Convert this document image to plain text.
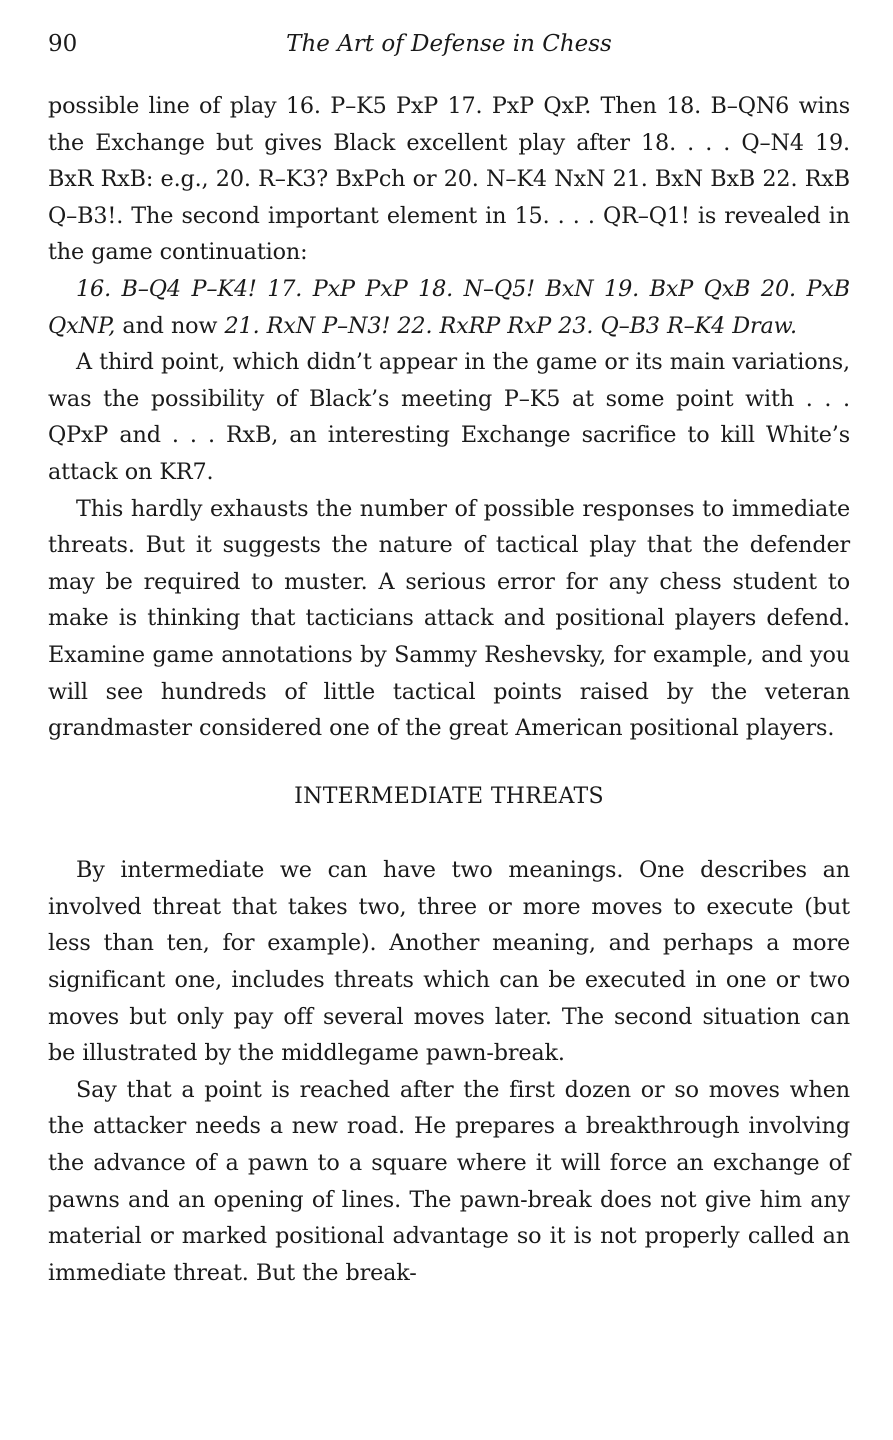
90	The Art of Defense in Chess

possible line of play 16. P–K5 PxP 17. PxP QxP. Then 18. B–QN6 wins the Exchange but gives Black excellent play after 18. . . . Q–N4 19. BxR RxB: e.g., 20. R–K3? BxPch or 20. N–K4 NxN 21. BxN BxB 22. RxB Q–B3!. The second important element in 15. . . . QR–Q1! is revealed in the game continuation:

16. B–Q4 P–K4! 17. PxP PxP 18. N–Q5! BxN 19. BxP QxB 20. PxB QxNP, and now 21. RxN P–N3! 22. RxRP RxP 23. Q–B3 R–K4 Draw.

A third point, which didn’t appear in the game or its main variations, was the possibility of Black’s meeting P–K5 at some point with . . . QPxP and . . . RxB, an interesting Exchange sacrifice to kill White’s attack on KR7.

This hardly exhausts the number of possible responses to immediate threats. But it suggests the nature of tactical play that the defender may be required to muster. A serious error for any chess student to make is thinking that tacticians attack and positional players defend. Examine game annotations by Sammy Reshevsky, for example, and you will see hundreds of little tactical points raised by the veteran grandmaster considered one of the great American positional players.

INTERMEDIATE THREATS

By intermediate we can have two meanings. One describes an involved threat that takes two, three or more moves to execute (but less than ten, for example). Another meaning, and perhaps a more significant one, includes threats which can be executed in one or two moves but only pay off several moves later. The second situation can be illustrated by the middlegame pawn-break.

Say that a point is reached after the first dozen or so moves when the attacker needs a new road. He prepares a breakthrough involving the advance of a pawn to a square where it will force an exchange of pawns and an opening of lines. The pawn-break does not give him any material or marked positional advantage so it is not properly called an immediate threat. But the break-
